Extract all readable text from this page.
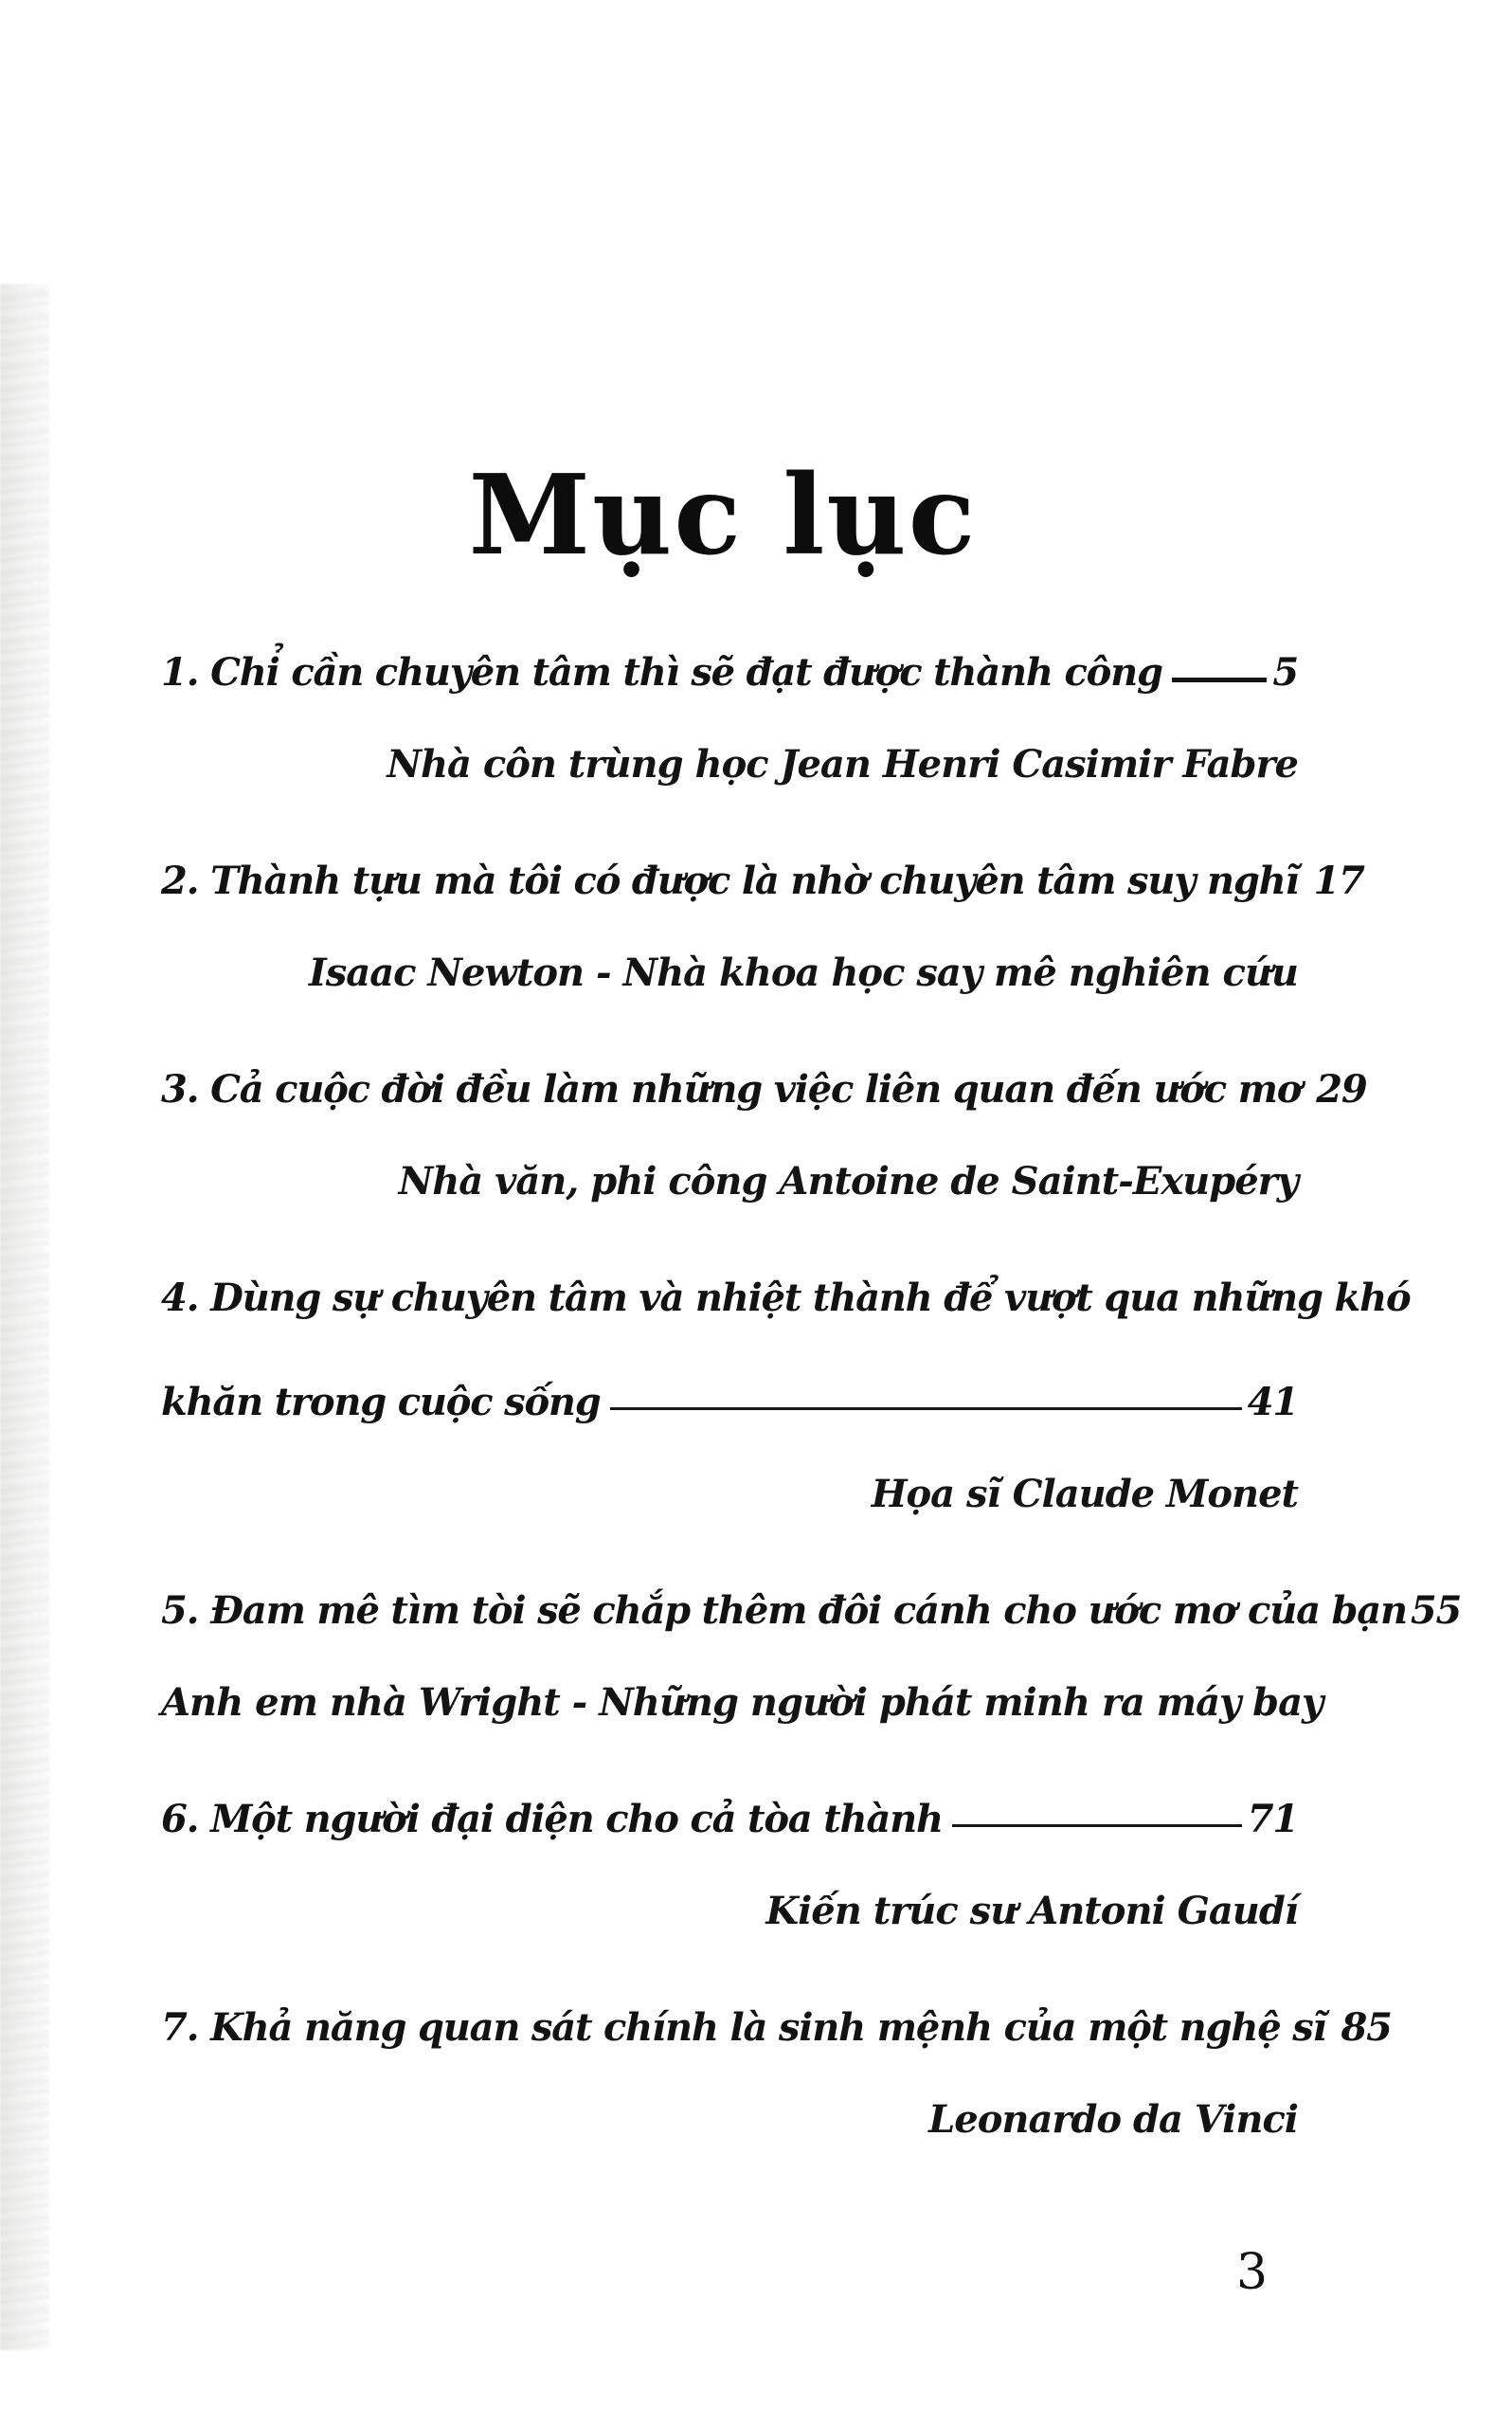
Mục lục
1. Chỉ cần chuyên tâm thì sẽ đạt được thành công	5
Nhà côn trùng học Jean Henri Casimir Fabre
2. Thành tựu mà tôi có được là nhờ chuyên tâm suy nghĩ 17
Isaac Newton - Nhà khoa học say mê nghiên cứu
3. Cả cuộc đời đều làm những việc liên quan đến ước mơ 29
Nhà văn, phi công Antoine de Saint-Exupéry
4. Dùng sự chuyên tâm và nhiệt thành để vượt qua những khó
khăn trong cuộc sống	41
Họa sĩ Claude Monet
5. Đam mê tìm tòi sẽ chắp thêm đôi cánh cho ước mơ của bạn 55
Anh em nhà Wright - Những người phát minh ra máy bay
6. Một người đại diện cho cả tòa thành	71
Kiến trúc sư Antoni Gaudí
7. Khả năng quan sát chính là sinh mệnh của một nghệ sĩ 85
Leonardo da Vinci
3
